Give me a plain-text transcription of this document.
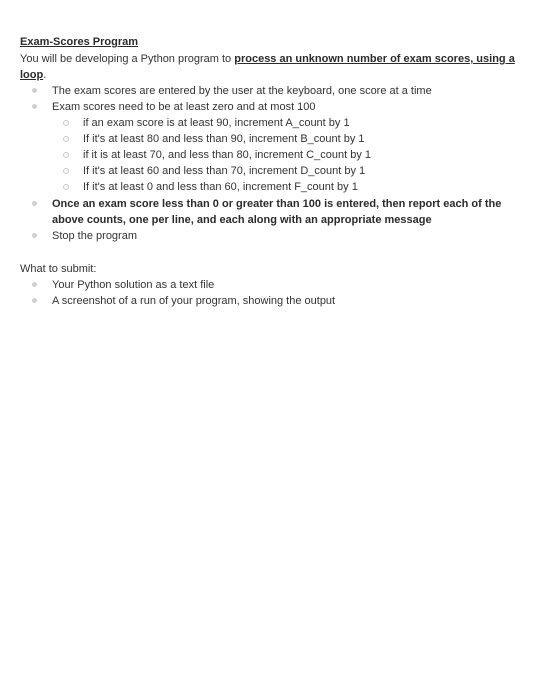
Exam-Scores Program
You will be developing a Python program to process an unknown number of exam scores, using a loop.
The exam scores are entered by the user at the keyboard, one score at a time
Exam scores need to be at least zero and at most 100
if an exam score is at least 90, increment A_count by 1
If it's at least 80 and less than 90, increment B_count by 1
if it is at least 70, and less than 80, increment C_count by 1
If it's at least 60 and less than 70, increment D_count by 1
If it's at least 0 and less than 60, increment F_count by 1
Once an exam score less than 0 or greater than 100 is entered, then report each of the above counts, one per line, and each along with an appropriate message
Stop the program
What to submit:
Your Python solution as a text file
A screenshot of a run of your program, showing the output
